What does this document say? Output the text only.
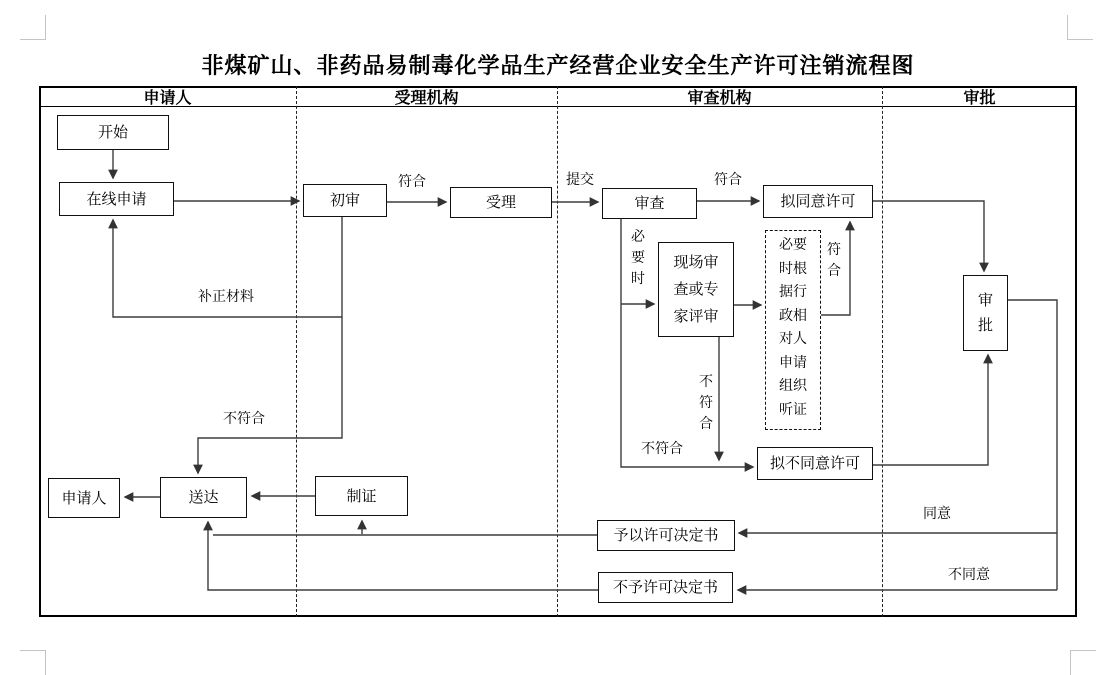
非煤矿山、非药品易制毒化学品生产经营企业安全生产许可注销流程图
申请人	受理机构	审查机构	审批
开始
在线申请	初审	受理	审查	拟同意许可
现场审查或专家评审
必要时根据行政相对人申请组织听证
拟不同意许可
审批
申请人	送达	制证
予以许可决定书
不予许可决定书
符合	提交	符合
补正材料
不符合
必要时
不符合
不符合
符合
同意
不同意
